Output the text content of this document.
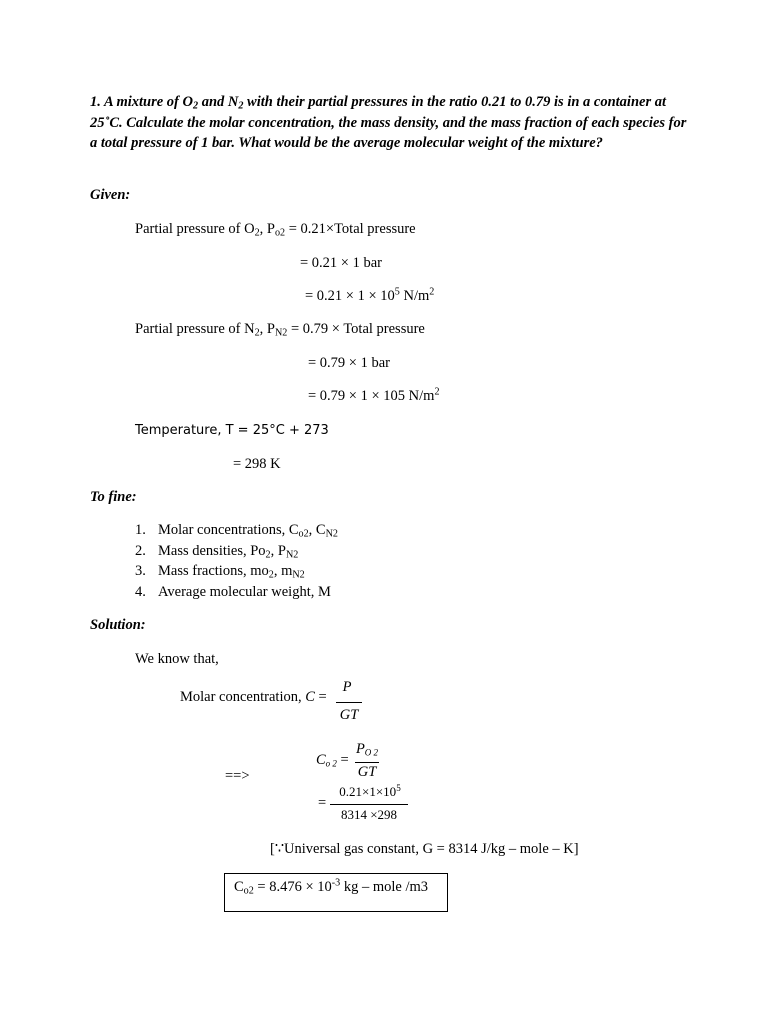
1. A mixture of $O_2$ and $N_2$ with their partial pressures in the ratio 0.21 to 0.79 is in a container at 25˚C. Calculate the molar concentration, the mass density, and the mass fraction of each species for a total pressure of 1 bar. What would be the average molecular weight of the mixture?
Given:
Partial pressure of $O_2$, $P_{o2}$ = 0.21×Total pressure
= 0.21 × 1 bar
= $0.21 \times 1 \times 10^5$ $N/m^2$
Partial pressure of $N_2$, $P_{N2} = 0.79$ × Total pressure
= 0.79 × 1 bar
= 0.79 × 1 × 105 $N/m^2$
Temperature, T = 25°C + 273
= 298 K
To fine:
1. Molar concentrations, $C_{o2}$, $C_{N2}$
2. Mass densities, $Po_2$, $P_{N2}$
3. Mass fractions, $mo_2$, $m_{N2}$
4. Average molecular weight, M
Solution:
We know that,
Molar concentration, C =
P
GT
==>
$C_{o 2}$ =
$P_{O 2}$
GT
=
$0.21\times 1\times 10^5$
8314 ×298
[∵Universal gas constant, G = 8314 J/kg – mole – K]
$C_{o2} = 8.476 \times 10^{-3}$ kg – mole /m3
